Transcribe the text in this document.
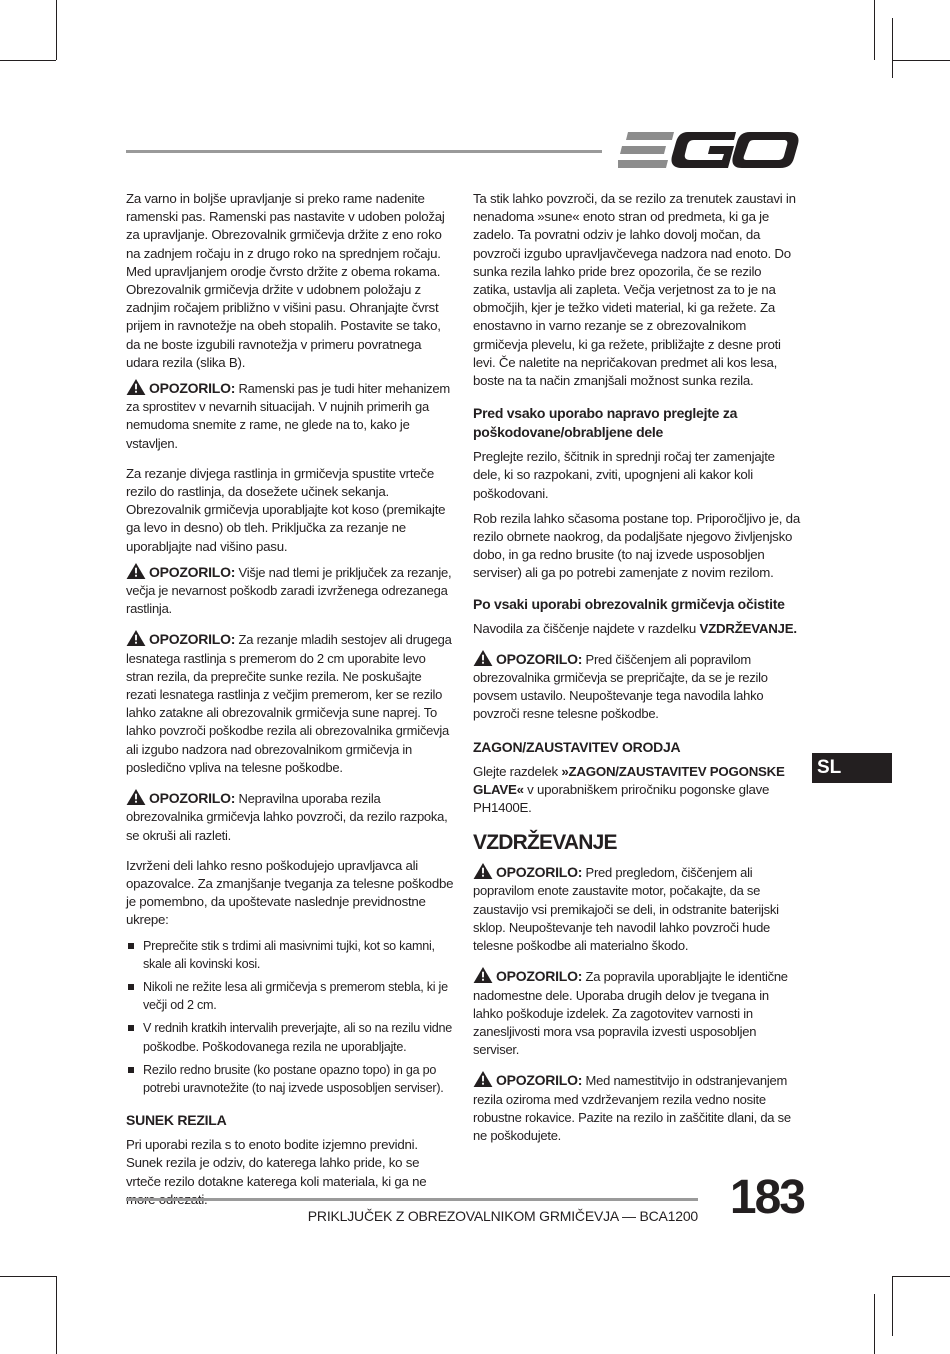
Za varno in boljše upravljanje si preko rame nadenite ramenski pas. Ramenski pas nastavite v udoben položaj za upravljanje. Obrezovalnik grmičevja držite z eno roko na zadnjem ročaju in z drugo roko na sprednjem ročaju. Med upravljanjem orodje čvrsto držite z obema rokama. Obrezovalnik grmičevja držite v udobnem položaju z zadnjim ročajem približno v višini pasu. Ohranjajte čvrst prijem in ravnotežje na obeh stopalih. Postavite se tako, da ne boste izgubili ravnotežja v primeru povratnega udara rezila (slika B).

OPOZORILO: Ramenski pas je tudi hiter mehanizem za sprostitev v nevarnih situacijah. V nujnih primerih ga nemudoma snemite z rame, ne glede na to, kako je vstavljen.

Za rezanje divjega rastlinja in grmičevja spustite vrtečе rezilo do rastlinja, da dosežete učinek sekanja. Obrezovalnik grmičevja uporabljajte kot koso (premikajte ga levo in desno) ob tleh. Priključka za rezanje ne uporabljajte nad višino pasu.

OPOZORILO: Višje nad tlemi je priključek za rezanje, večja je nevarnost poškodb zaradi izvrženega odrezanega rastlinja.
OPOZORILO: Za rezanje mladih sestojev ali drugega lesnatega rastlinja s premerom do 2 cm uporabite levo stran rezila, da preprečite sunke rezila. Ne poskušajte rezati lesnatega rastlinja z večjim premerom, ker se rezilo lahko zatakne ali obrezovalnik grmičevja sune naprej. To lahko povzroči poškodbe rezila ali obrezovalnika grmičevja ali izgubo nadzora nad obrezovalnikom grmičevja in posledično vpliva na telesne poškodbe.
OPOZORILO: Nepravilna uporaba rezila obrezovalnika grmičevja lahko povzroči, da rezilo razpoka, se okruši ali razleti.

Izvrženi deli lahko resno poškodujejo upravljavca ali opazovalce. Za zmanjšanje tveganja za telesne poškodbe je pomembno, da upoštevate naslednje previdnostne ukrepe:

Preprečite stik s trdimi ali masivnimi tujki, kot so kamni, skale ali kovinski kosi.
Nikoli ne režite lesa ali grmičevja s premerom stebla, ki je večji od 2 cm.
V rednih kratkih intervalih preverjajte, ali so na rezilu vidne poškodbe. Poškodovanega rezila ne uporabljajte.
Rezilo redno brusite (ko postane opazno topo) in ga po potrebi uravnotežite (to naj izvede usposobljen serviser).
SUNEK REZILA

Pri uporabi rezila s to enoto bodite izjemno previdni. Sunek rezila je odziv, do katerega lahko pride, ko se vrteče rezilo dotakne katerega koli materiala, ki ga ne

Ta stik lahko povzroči, da se rezilo za trenutek zaustavi in nenadoma »sune« enoto stran od predmeta, ki ga je zadelo. Ta povratni odziv je lahko dovolj močan, da povzroči izgubo upravljavčevega nadzora nad enoto. Do sunka rezila lahko pride brez opozorila, če se rezilo zatika, ustavlja ali zapleta. Večja verjetnost za to je na območjih, kjer je težko videti material, ki ga režete. Za enostavno in varno rezanje se z obrezovalnikom grmičevja plevelu, ki ga režete, približajte z desne proti levi. Če naletite na nepričakovan predmet ali kos lesa, boste na ta način zmanjšali možnost sunka rezila.

Pred vsako uporabo napravo preglejte za poškodovane/obrabljene dele

Preglejte rezilo, ščitnik in sprednji ročaj ter zamenjajte dele, ki so razpokani, zviti, upognjeni ali kakor koli poškodovani.

Rob rezila lahko sčasoma postane top. Priporočljivo je, da rezilo obrnete naokrog, da podaljšate njegovo življenjsko dobo, in ga redno brusite (to naj izvede usposobljen serviser) ali ga po potrebi zamenjate z novim rezilom.

Po vsaki uporabi obrezovalnik grmičevja očistite

Navodila za čiščenje najdete v razdelku VZDRŽEVANJE.

OPOZORILO: Pred čiščenjem ali popravilom obrezovalnika grmičevja se prepričajte, da se je rezilo povsem ustavilo. Neupoštevanje tega navodila lahko povzroči resne telesne poškodbe.
ZAGON/ZAUSTAVITEV ORODJA

Glejte razdelek »ZAGON/ZAUSTAVITEV POGONSKE GLAVE« v uporabniškem priročniku pogonske glave PH1400E.

VZDRŽEVANJE
OPOZORILO: Pred pregledom, čiščenjem ali popravilom enote zaustavite motor, počakajte, da se zaustavijo vsi premikajoči se deli, in odstranite baterijski sklop. Neupoštevanje teh navodil lahko povzroči hude telesne poškodbe ali materialno škodo.
OPOZORILO: Za popravila uporabljajte le identične nadomestne dele. Uporaba drugih delov je tvegana in lahko poškoduje izdelek. Za zagotovitev varnosti in zanesljivosti mora vsa popravila izvesti usposobljen serviser.
OPOZORILO: Med namestitvijo in odstranjevanjem rezila oziroma med vzdrževanjem rezila vedno nosite robustne rokavice. Pazite na rezilo in zaščitite dlani, da se ne poškodujete.
SL
PRIKLJUČEK Z OBREZOVALNIKOM GRMIČEVJA — BCA1200 183
